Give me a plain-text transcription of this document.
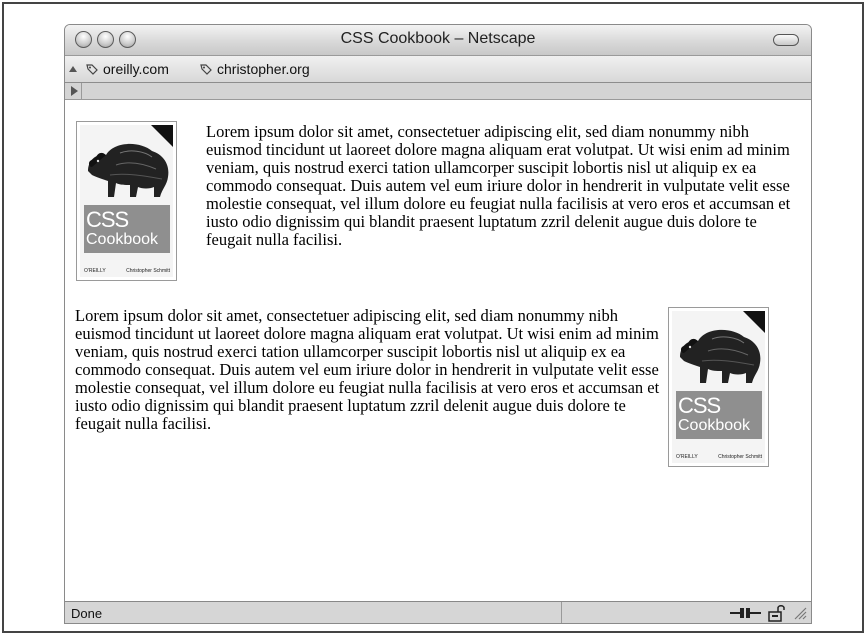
CSS Cookbook – Netscape
oreilly.com	christopher.org
CSS
Cookbook
O'REILLY	Christopher Schmitt

Lorem ipsum dolor sit amet, consectetuer adipiscing elit, sed diam nonummy nibh euismod tincidunt ut laoreet dolore magna aliquam erat volutpat. Ut wisi enim ad minim veniam, quis nostrud exerci tation ullamcorper suscipit lobortis nisl ut aliquip ex ea commodo consequat. Duis autem vel eum iriure dolor in hendrerit in vulputate velit esse molestie consequat, vel illum dolore eu feugiat nulla facilisis at vero eros et accumsan et iusto odio dignissim qui blandit praesent luptatum zzril delenit augue duis dolore te feugait nulla facilisi.

Lorem ipsum dolor sit amet, consectetuer adipiscing elit, sed diam nonummy nibh euismod tincidunt ut laoreet dolore magna aliquam erat volutpat. Ut wisi enim ad minim veniam, quis nostrud exerci tation ullamcorper suscipit lobortis nisl ut aliquip ex ea commodo consequat. Duis autem vel eum iriure dolor in hendrerit in vulputate velit esse molestie consequat, vel illum dolore eu feugiat nulla facilisis at vero eros et accumsan et iusto odio dignissim qui blandit praesent luptatum zzril delenit augue duis dolore te feugait nulla facilisi.

CSS
Cookbook
O'REILLY	Christopher Schmitt
Done
